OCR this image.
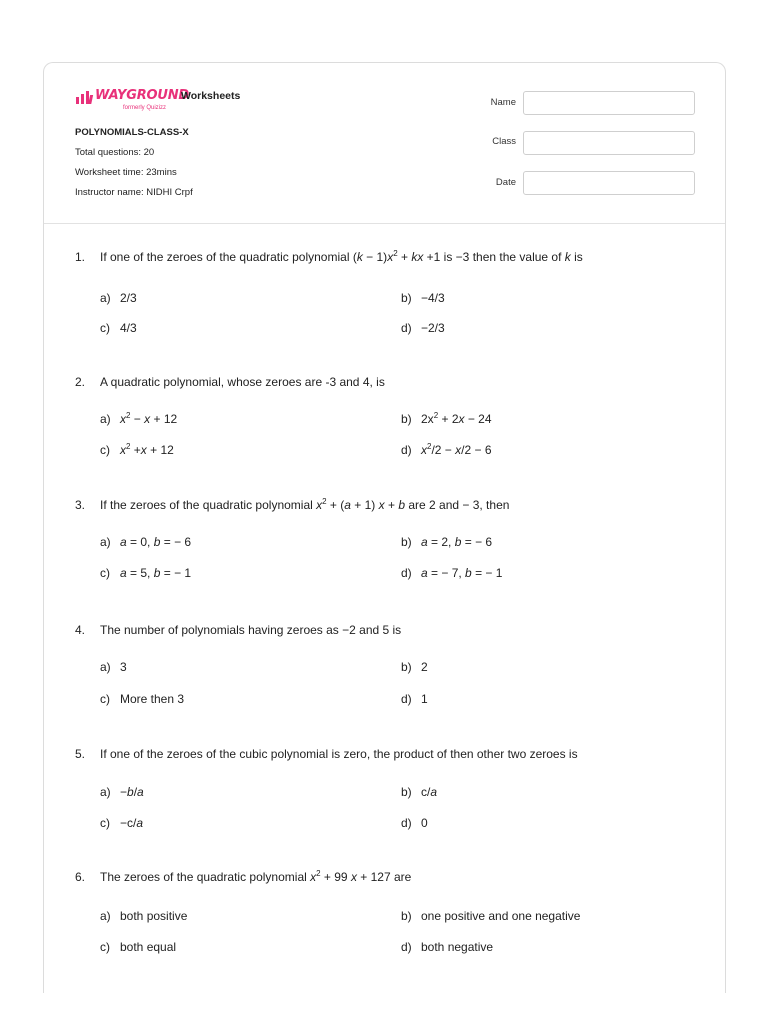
WAYGROUND
formerly Quizizz
Worksheets
POLYNOMIALS-CLASS-X
Total questions: 20
Worksheet time: 23mins
Instructor name: NIDHI Crpf
Name
Class
Date
1. If one of the zeroes of the quadratic polynomial $(k - 1)x^2$ + kx +1 is −3 then the value of k is
a) 2/3	b) −4/3
c) 4/3	d) −2/3
2. A quadratic polynomial, whose zeroes are -3 and 4, is
a) $x^2 - x + 12$	b) $2x^2 + 2x - 24$
c) $x^2 +x + 12$	d) $x^2/2 - x/2 - 6$
3. If the zeroes of the quadratic polynomial $x^2 + (a + 1) x + b$ are 2 and − 3, then
a) a = 0, b = − 6	b) a = 2, b = − 6
c) a = 5, b = − 1	d) a = − 7, b = − 1
4. The number of polynomials having zeroes as −2 and 5 is
a) 3	b) 2
c) More then 3	d) 1
5. If one of the zeroes of the cubic polynomial is zero, the product of then other two zeroes is
a) −b/a	b) c/a
c) −c/a	d) 0
6. The zeroes of the quadratic polynomial $x^2 + 99$ x + 127 are
a) both positive	b) one positive and one negative
c) both equal	d) both negative
